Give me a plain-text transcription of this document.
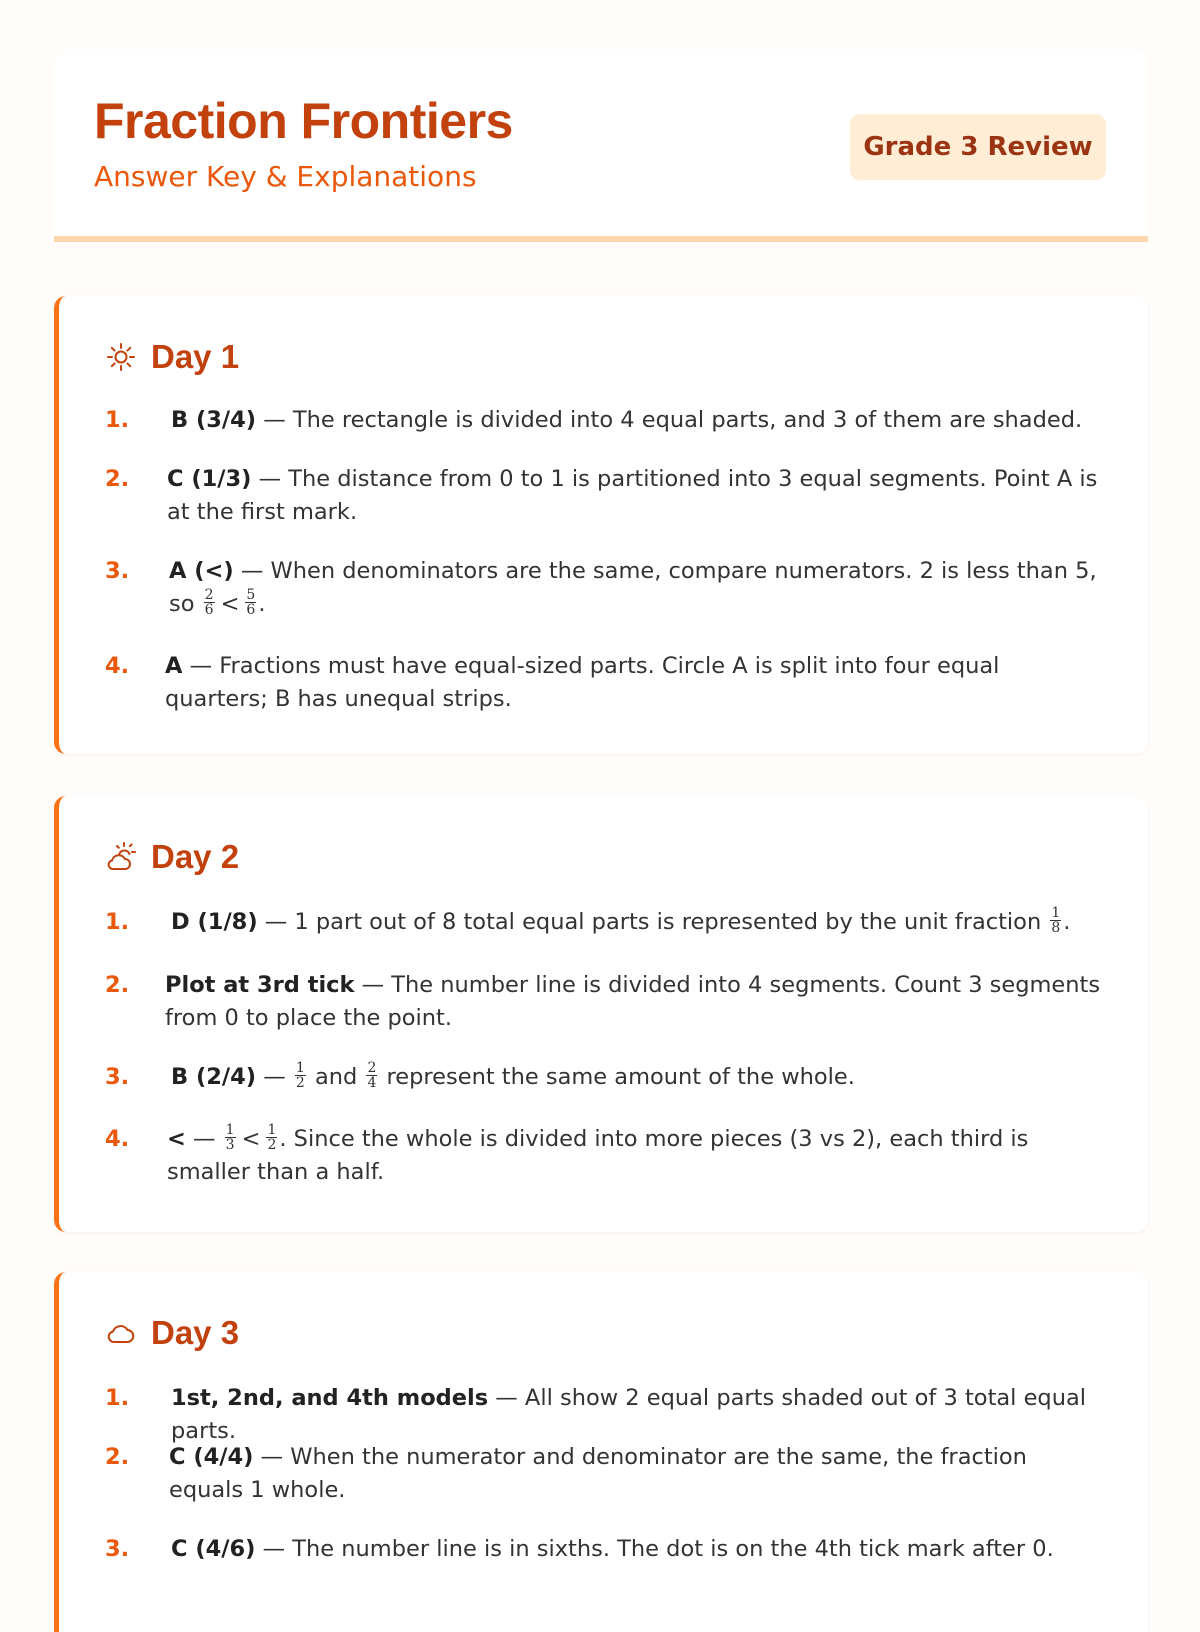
Fraction Frontiers
Answer Key & Explanations
Grade 3 Review
Day 1
1. B (3/4) — The rectangle is divided into 4 equal parts, and 3 of them are shaded.
2. C (1/3) — The distance from 0 to 1 is partitioned into 3 equal segments. Point A is at the first mark.
3. A (<) — When denominators are the same, compare numerators. 2 is less than 5, so $\frac{2}{6} < \frac{5}{6}$ .
4. A — Fractions must have equal-sized parts. Circle A is split into four equal quarters; B has unequal strips.
Day 2
1. D (1/8) — 1 part out of 8 total equal parts is represented by the unit fraction $\frac{1}{8}$ .
2. Plot at 3rd tick — The number line is divided into 4 segments. Count 3 segments from 0 to place the point.
3. B (2/4) — $\frac{1}{2}$ and $\frac{2}{4}$ represent the same amount of the whole.
4. < — $\frac{1}{3} < \frac{1}{2}$ . Since the whole is divided into more pieces (3 vs 2), each third is smaller than a half.
Day 3
1. 1st, 2nd, and 4th models — All show 2 equal parts shaded out of 3 total equal parts.
2. C (4/4) — When the numerator and denominator are the same, the fraction equals 1 whole.
3. C (4/6) — The number line is in sixths. The dot is on the 4th tick mark after 0.
